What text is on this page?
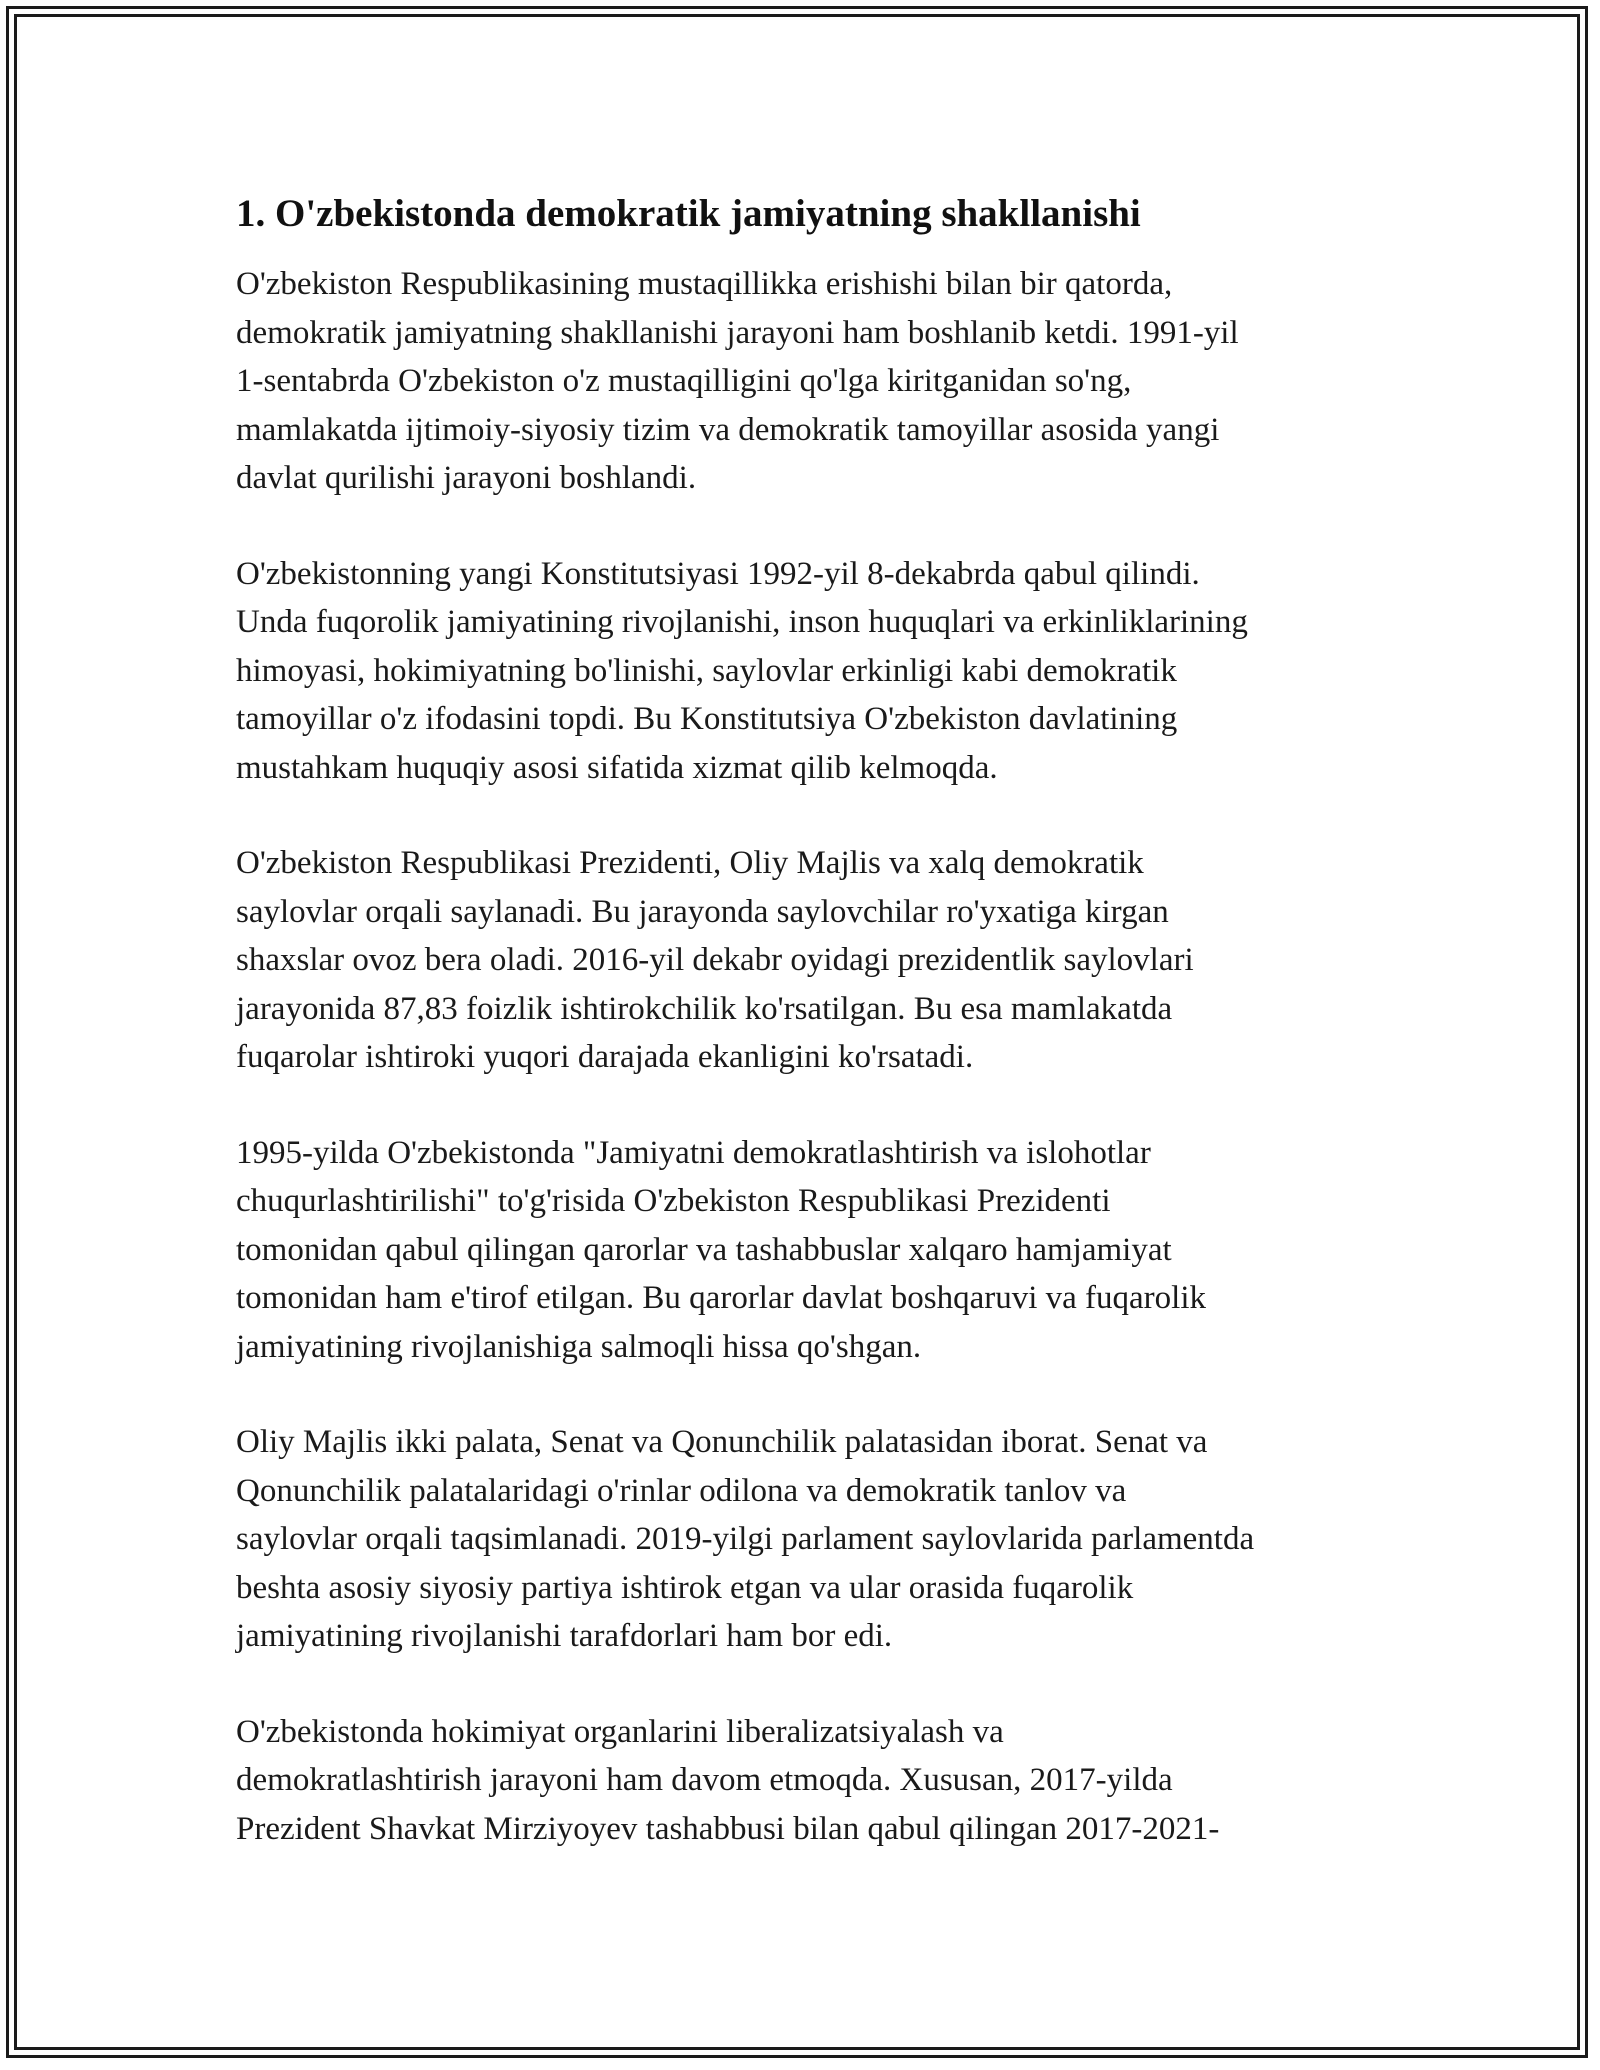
1. O'zbekistonda demokratik jamiyatning shakllanishi
O'zbekiston Respublikasining mustaqillikka erishishi bilan bir qatorda,
demokratik jamiyatning shakllanishi jarayoni ham boshlanib ketdi. 1991-yil
1-sentabrda O'zbekiston o'z mustaqilligini qo'lga kiritganidan so'ng,
mamlakatda ijtimoiy-siyosiy tizim va demokratik tamoyillar asosida yangi
davlat qurilishi jarayoni boshlandi.
O'zbekistonning yangi Konstitutsiyasi 1992-yil 8-dekabrda qabul qilindi.
Unda fuqorolik jamiyatining rivojlanishi, inson huquqlari va erkinliklarining
himoyasi, hokimiyatning bo'linishi, saylovlar erkinligi kabi demokratik
tamoyillar o'z ifodasini topdi. Bu Konstitutsiya O'zbekiston davlatining
mustahkam huquqiy asosi sifatida xizmat qilib kelmoqda.
O'zbekiston Respublikasi Prezidenti, Oliy Majlis va xalq demokratik
saylovlar orqali saylanadi. Bu jarayonda saylovchilar ro'yxatiga kirgan
shaxslar ovoz bera oladi. 2016-yil dekabr oyidagi prezidentlik saylovlari
jarayonida 87,83 foizlik ishtirokchilik ko'rsatilgan. Bu esa mamlakatda
fuqarolar ishtiroki yuqori darajada ekanligini ko'rsatadi.
1995-yilda O'zbekistonda "Jamiyatni demokratlashtirish va islohotlar
chuqurlashtirilishi" to'g'risida O'zbekiston Respublikasi Prezidenti
tomonidan qabul qilingan qarorlar va tashabbuslar xalqaro hamjamiyat
tomonidan ham e'tirof etilgan. Bu qarorlar davlat boshqaruvi va fuqarolik
jamiyatining rivojlanishiga salmoqli hissa qo'shgan.
Oliy Majlis ikki palata, Senat va Qonunchilik palatasidan iborat. Senat va
Qonunchilik palatalaridagi o'rinlar odilona va demokratik tanlov va
saylovlar orqali taqsimlanadi. 2019-yilgi parlament saylovlarida parlamentda
beshta asosiy siyosiy partiya ishtirok etgan va ular orasida fuqarolik
jamiyatining rivojlanishi tarafdorlari ham bor edi.
O'zbekistonda hokimiyat organlarini liberalizatsiyalash va
demokratlashtirish jarayoni ham davom etmoqda. Xususan, 2017-yilda
Prezident Shavkat Mirziyoyev tashabbusi bilan qabul qilingan 2017-2021-
